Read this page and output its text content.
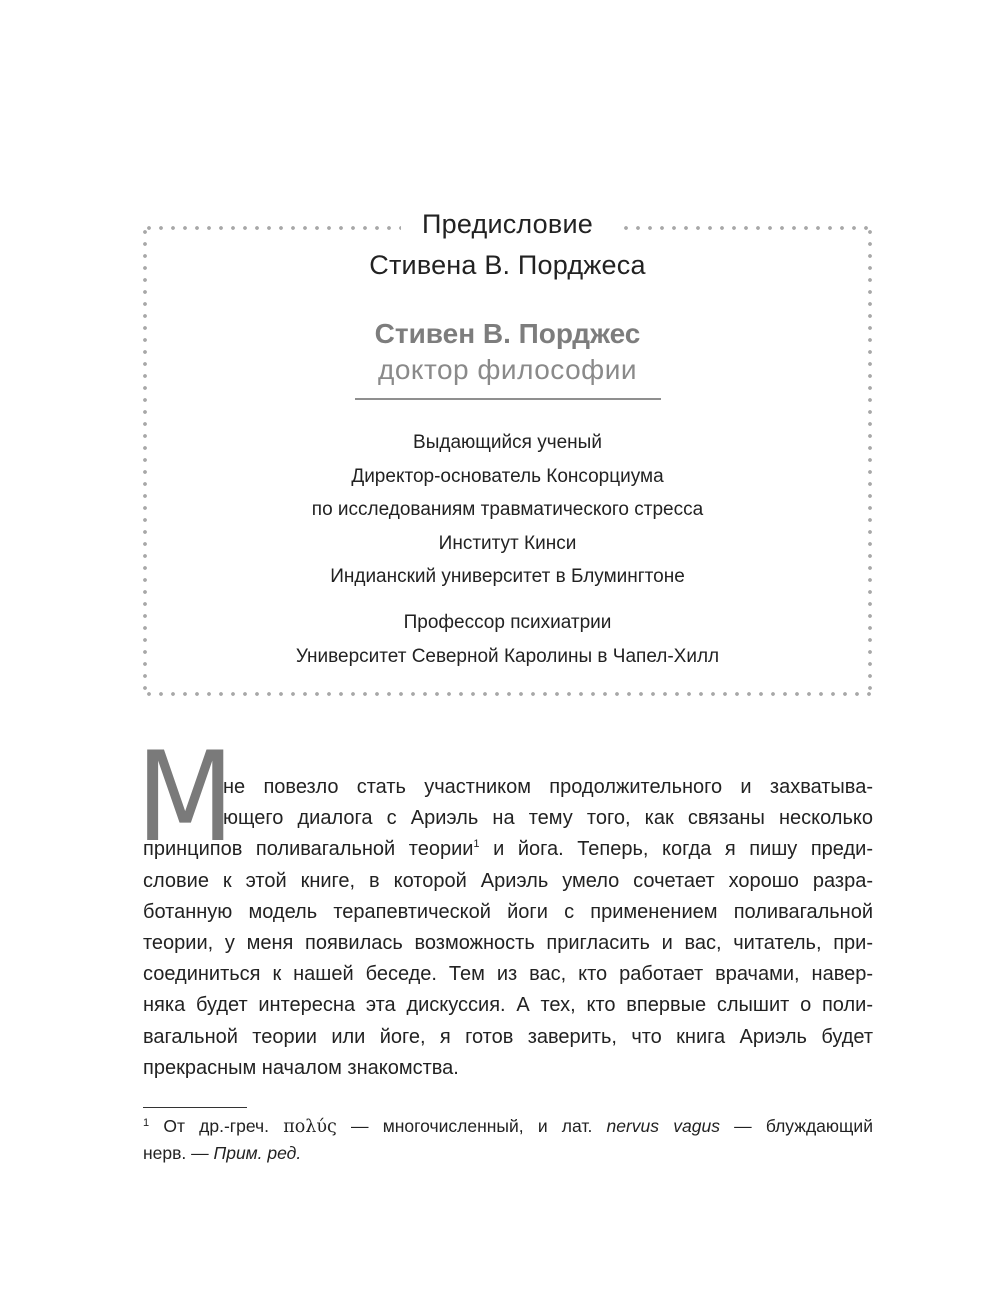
Предисловие
Стивена В. Порджеса
Стивен В. Порджес
доктор философии
Выдающийся ученый
Директор-основатель Консорциума
по исследованиям травматического стресса
Институт Кинси
Индианский университет в Блумингтоне
Профессор психиатрии
Университет Северной Каролины в Чапел-Хилл
М
не повезло стать участником продолжительного и захватыва-
ющего диалога с Ариэль на тему того, как связаны несколько
принципов поливагальной теории$^1$ и йога. Теперь, когда я пишу преди-
словие к этой книге, в которой Ариэль умело сочетает хорошо разра-
ботанную модель терапевтической йоги с применением поливагальной
теории, у меня появилась возможность пригласить и вас, читатель, при-
соединиться к нашей беседе. Тем из вас, кто работает врачами, навер-
няка будет интересна эта дискуссия. А тех, кто впервые слышит о поли-
вагальной теории или йоге, я готов заверить, что книга Ариэль будет
прекрасным началом знакомства.
$^1$ От др.-греч. πολύς — многочисленный, и лат. nervus vagus — блуждающий
нерв. — Прим. ред.
